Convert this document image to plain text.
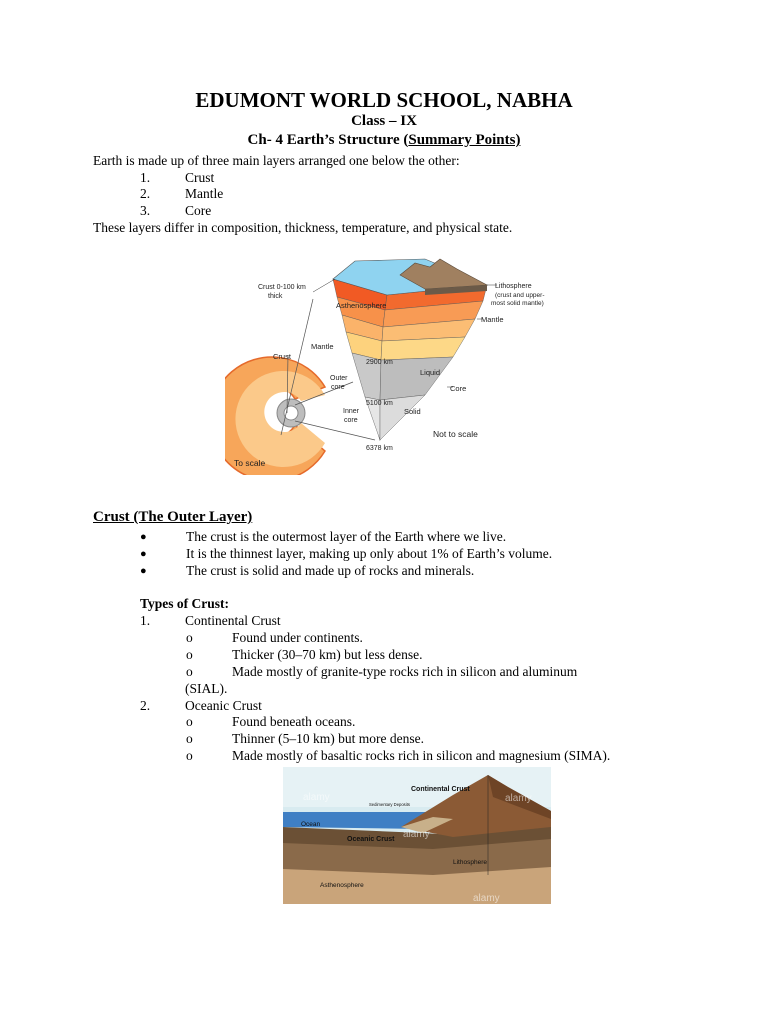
EDUMONT WORLD SCHOOL, NABHA
Class – IX
Ch- 4 Earth’s Structure (Summary Points)
Earth is made up of three main layers arranged one below the other:
1.	Crust
2.	Mantle
3.	Core
These layers differ in composition, thickness, temperature, and physical state.
Crust 0-100 km
thick
Asthenosphere
Lithosphere
(crust and upper-
most solid mantle)
Mantle
Mantle
Crust
2900 km
Liquid
Outer
core	Core
5100 km
Inner
core
Solid
Not to scale
6378 km
To scale
Crust (The Outer Layer)
●	The crust is the outermost layer of the Earth where we live.
●	It is the thinnest layer, making up only about 1% of Earth’s volume.
●	The crust is solid and made up of rocks and minerals.
Types of Crust:
1.	Continental Crust
o	Found under continents.
o	Thicker (30–70 km) but less dense.
o	Made mostly of granite-type rocks rich in silicon and aluminum
(SIAL).
2.	Oceanic Crust
o	Found beneath oceans.
o	Thinner (5–10 km) but more dense.
o	Made mostly of basaltic rocks rich in silicon and magnesium (SIMA).
Continental Crust
Sedimentary Deposits
Ocean
Oceanic Crust
Lithosphere
Asthenosphere
alamy
alamy
alamy
alamy
